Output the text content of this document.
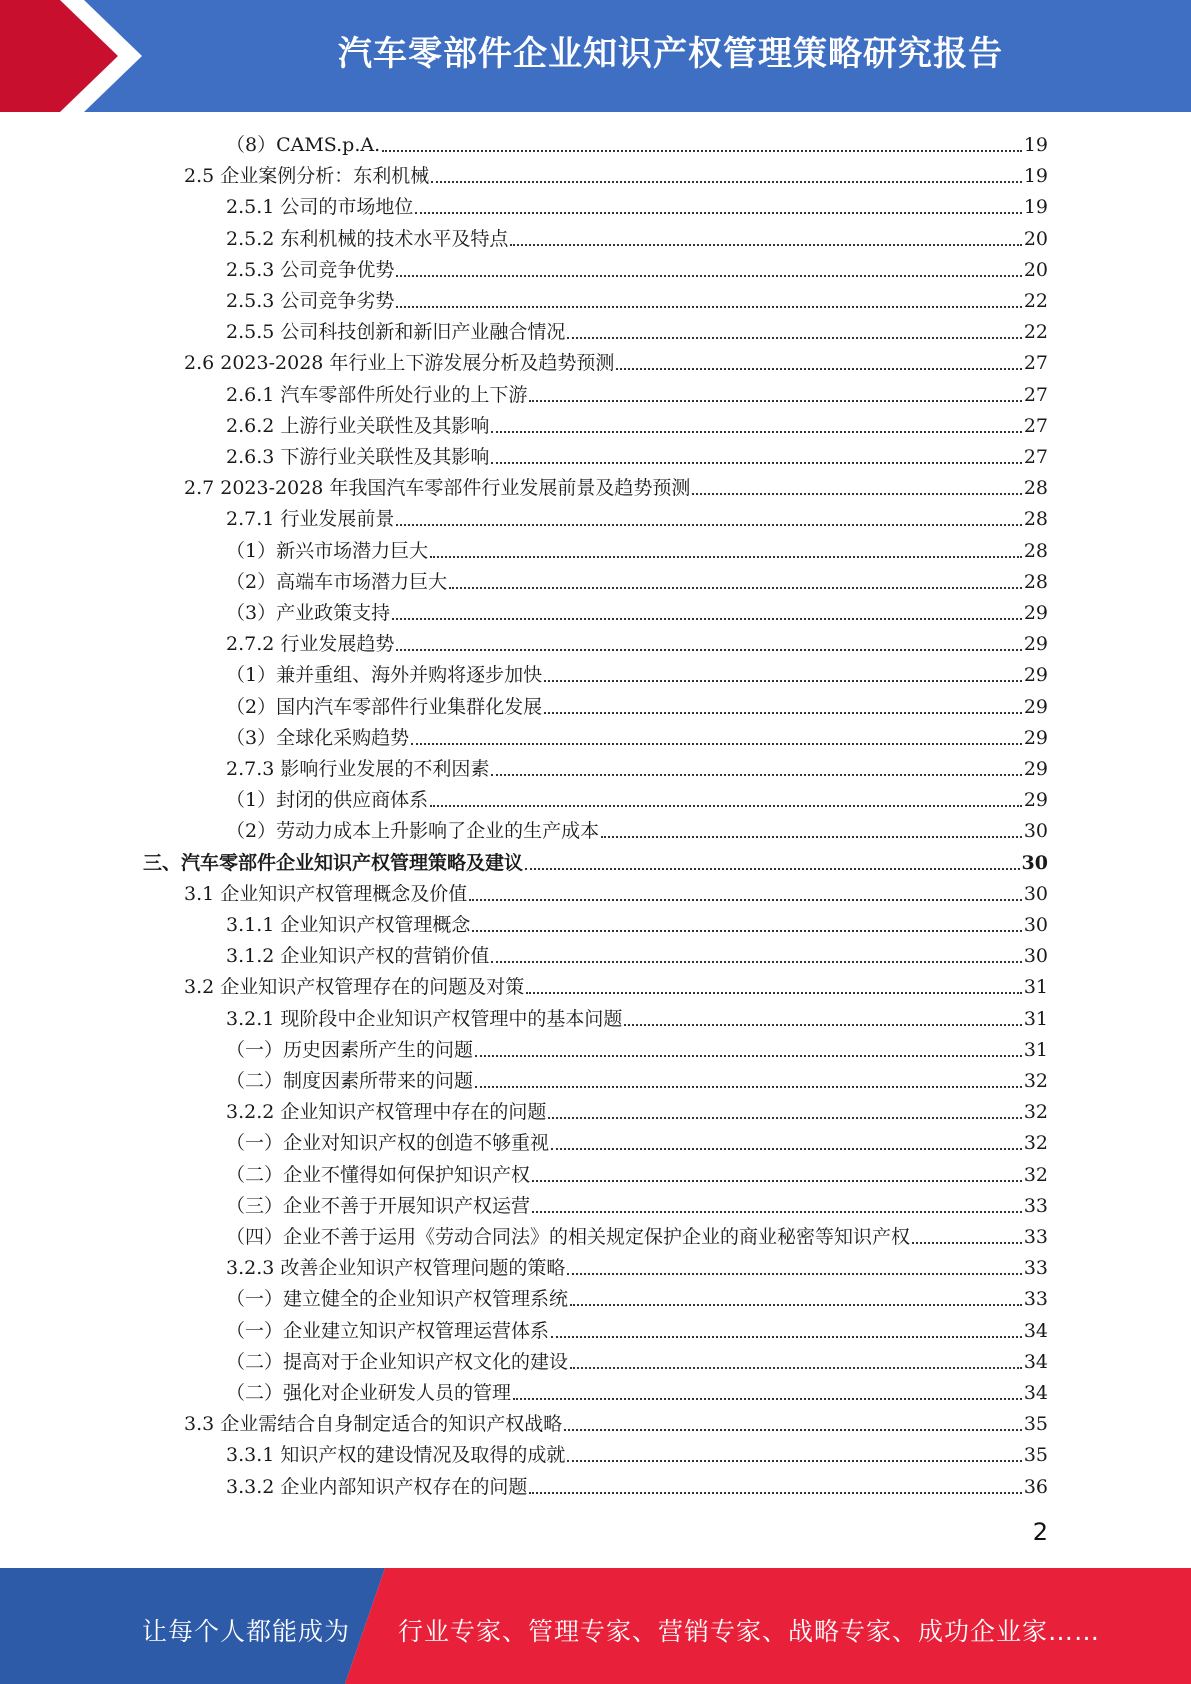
汽车零部件企业知识产权管理策略研究报告
（8）CAMS.p.A.	19
2.5 企业案例分析：东利机械	19
2.5.1 公司的市场地位	19
2.5.2 东利机械的技术水平及特点	20
2.5.3 公司竞争优势	20
2.5.3 公司竞争劣势	22
2.5.5 公司科技创新和新旧产业融合情况	22
2.6 2023-2028 年行业上下游发展分析及趋势预测	27
2.6.1 汽车零部件所处行业的上下游	27
2.6.2 上游行业关联性及其影响	27
2.6.3 下游行业关联性及其影响	27
2.7 2023-2028 年我国汽车零部件行业发展前景及趋势预测	28
2.7.1 行业发展前景	28
（1）新兴市场潜力巨大	28
（2）高端车市场潜力巨大	28
（3）产业政策支持	29
2.7.2 行业发展趋势	29
（1）兼并重组、海外并购将逐步加快	29
（2）国内汽车零部件行业集群化发展	29
（3）全球化采购趋势	29
2.7.3 影响行业发展的不利因素	29
（1）封闭的供应商体系	29
（2）劳动力成本上升影响了企业的生产成本	30
三、汽车零部件企业知识产权管理策略及建议	30
3.1 企业知识产权管理概念及价值	30
3.1.1 企业知识产权管理概念	30
3.1.2 企业知识产权的营销价值	30
3.2 企业知识产权管理存在的问题及对策	31
3.2.1 现阶段中企业知识产权管理中的基本问题	31
（一）历史因素所产生的问题	31
（二）制度因素所带来的问题	32
3.2.2 企业知识产权管理中存在的问题	32
（一）企业对知识产权的创造不够重视	32
（二）企业不懂得如何保护知识产权	32
（三）企业不善于开展知识产权运营	33
（四）企业不善于运用《劳动合同法》的相关规定保护企业的商业秘密等知识产权	33
3.2.3 改善企业知识产权管理问题的策略	33
（一）建立健全的企业知识产权管理系统	33
（一）企业建立知识产权管理运营体系	34
（二）提高对于企业知识产权文化的建设	34
（二）强化对企业研发人员的管理	34
3.3 企业需结合自身制定适合的知识产权战略	35
3.3.1 知识产权的建设情况及取得的成就	35
3.3.2 企业内部知识产权存在的问题	36
2
让每个人都能成为 行业专家、管理专家、营销专家、战略专家、成功企业家……
